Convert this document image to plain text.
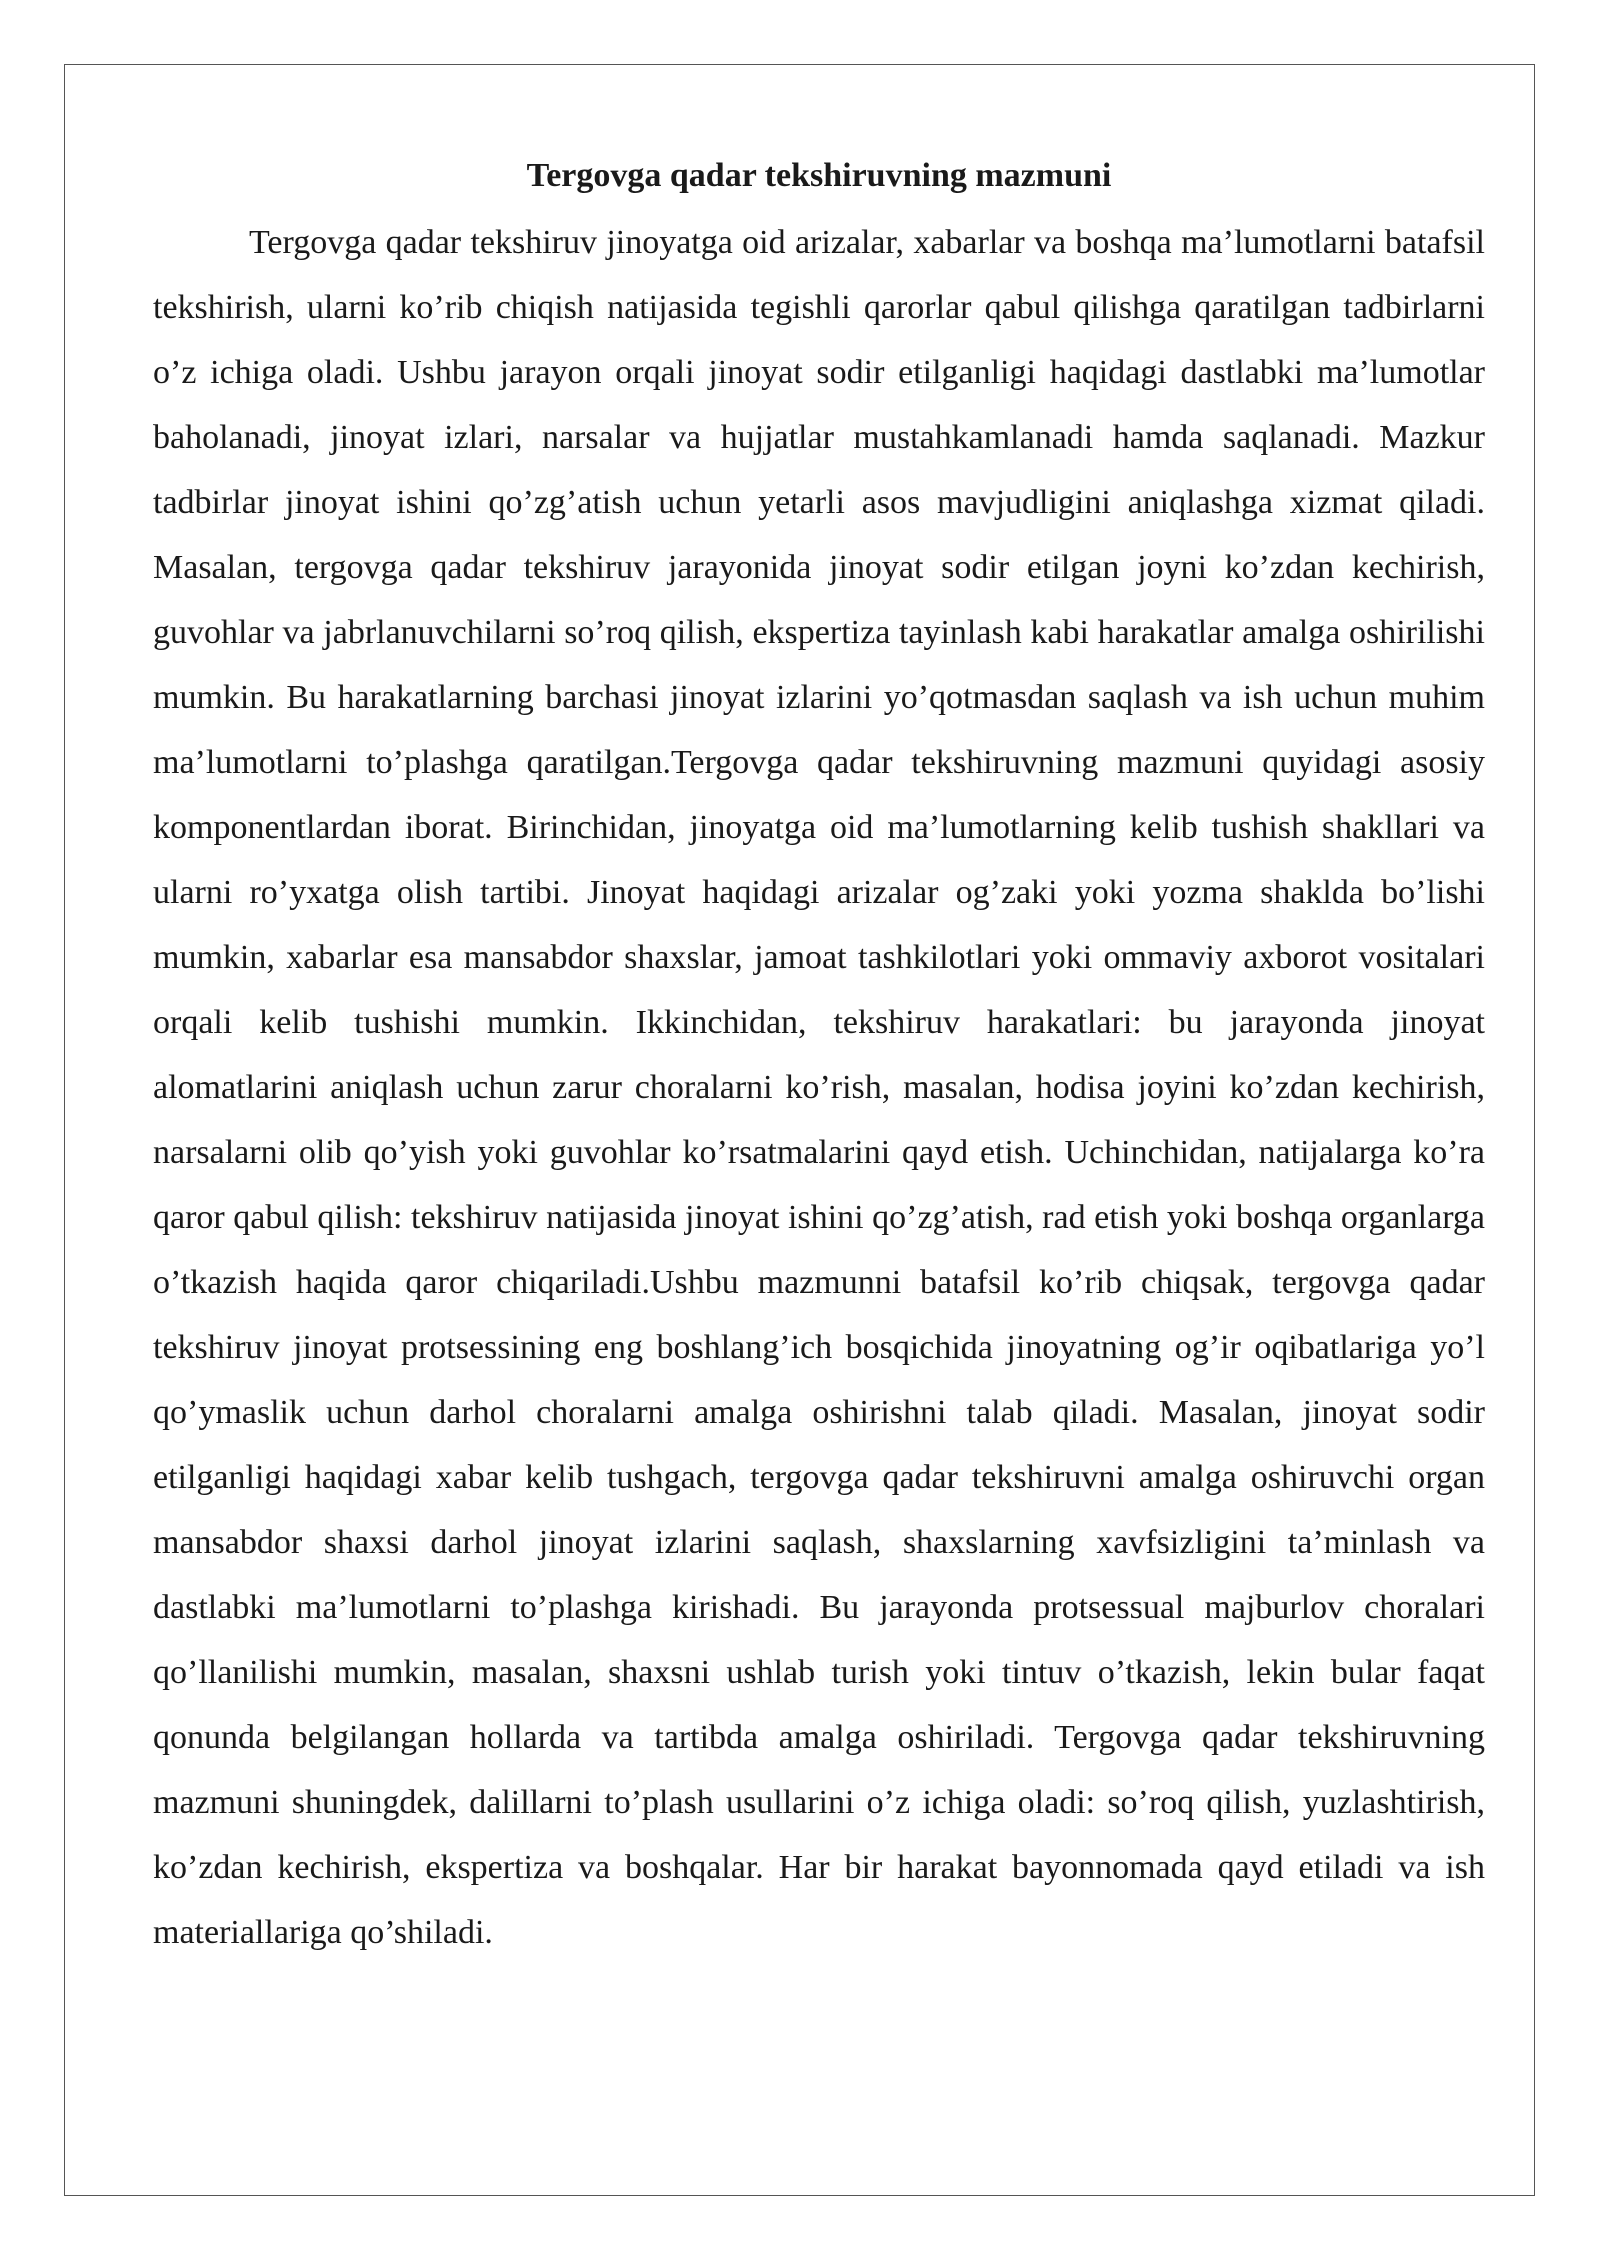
Tergovga qadar tekshiruvning mazmuni

Tergovga qadar tekshiruv jinoyatga oid arizalar, xabarlar va boshqa ma’lumotlarni batafsil tekshirish, ularni ko’rib chiqish natijasida tegishli qarorlar qabul qilishga qaratilgan tadbirlarni o’z ichiga oladi. Ushbu jarayon orqali jinoyat sodir etilganligi haqidagi dastlabki ma’lumotlar baholanadi, jinoyat izlari, narsalar va hujjatlar mustahkamlanadi hamda saqlanadi. Mazkur tadbirlar jinoyat ishini qo’zg’atish uchun yetarli asos mavjudligini aniqlashga xizmat qiladi. Masalan, tergovga qadar tekshiruv jarayonida jinoyat sodir etilgan joyni ko’zdan kechirish, guvohlar va jabrlanuvchilarni so’roq qilish, ekspertiza tayinlash kabi harakatlar amalga oshirilishi mumkin. Bu harakatlarning barchasi jinoyat izlarini yo’qotmasdan saqlash va ish uchun muhim ma’lumotlarni to’plashga qaratilgan.Tergovga qadar tekshiruvning mazmuni quyidagi asosiy komponentlardan iborat. Birinchidan, jinoyatga oid ma’lumotlarning kelib tushish shakllari va ularni ro’yxatga olish tartibi. Jinoyat haqidagi arizalar og’zaki yoki yozma shaklda bo’lishi mumkin, xabarlar esa mansabdor shaxslar, jamoat tashkilotlari yoki ommaviy axborot vositalari orqali kelib tushishi mumkin. Ikkinchidan, tekshiruv harakatlari: bu jarayonda jinoyat alomatlarini aniqlash uchun zarur choralarni ko’rish, masalan, hodisa joyini ko’zdan kechirish, narsalarni olib qo’yish yoki guvohlar ko’rsatmalarini qayd etish. Uchinchidan, natijalarga ko’ra qaror qabul qilish: tekshiruv natijasida jinoyat ishini qo’zg’atish, rad etish yoki boshqa organlarga o’tkazish haqida qaror chiqariladi.Ushbu mazmunni batafsil ko’rib chiqsak, tergovga qadar tekshiruv jinoyat protsessining eng boshlang’ich bosqichida jinoyatning og’ir oqibatlariga yo’l qo’ymaslik uchun darhol choralarni amalga oshirishni talab qiladi. Masalan, jinoyat sodir etilganligi haqidagi xabar kelib tushgach, tergovga qadar tekshiruvni amalga oshiruvchi organ mansabdor shaxsi darhol jinoyat izlarini saqlash, shaxslarning xavfsizligini ta’minlash va dastlabki ma’lumotlarni to’plashga kirishadi. Bu jarayonda protsessual majburlov choralari qo’llanilishi mumkin, masalan, shaxsni ushlab turish yoki tintuv o’tkazish, lekin bular faqat qonunda belgilangan hollarda va tartibda amalga oshiriladi. Tergovga qadar tekshiruvning mazmuni shuningdek, dalillarni to’plash usullarini o’z ichiga oladi: so’roq qilish, yuzlashtirish, ko’zdan kechirish, ekspertiza va boshqalar. Har bir harakat bayonnomada qayd etiladi va ish materiallariga qo’shiladi.
